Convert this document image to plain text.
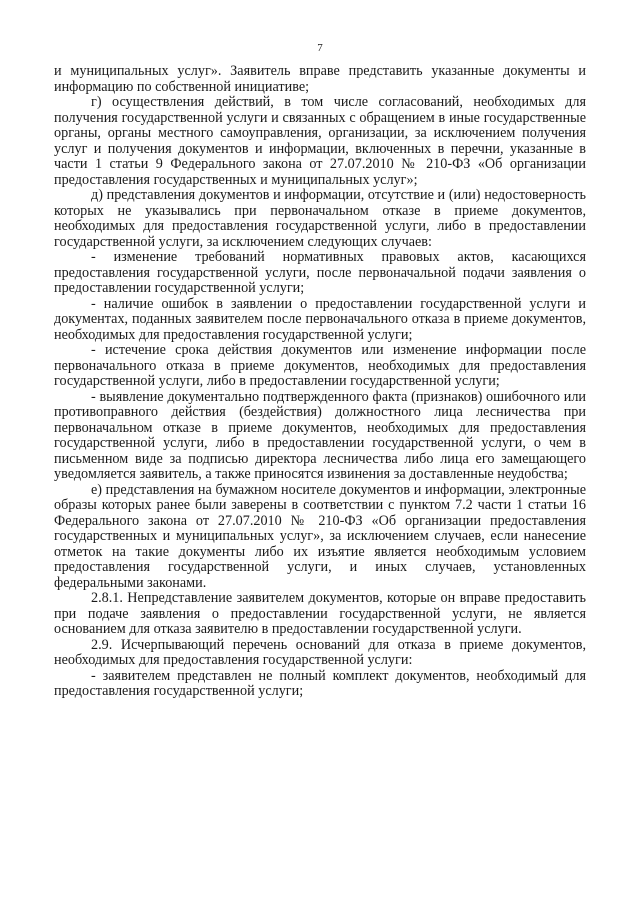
7

и муниципальных услуг». Заявитель вправе представить указанные документы и информацию по собственной инициативе;

г) осуществления действий, в том числе согласований, необходимых для получения государственной услуги и связанных с обращением в иные государственные органы, органы местного самоуправления, организации, за исключением получения услуг и получения документов и информации, включенных в перечни, указанные в части 1 статьи 9 Федерального закона от 27.07.2010 № 210-ФЗ «Об организации предоставления государственных и муниципальных услуг»;

д) представления документов и информации, отсутствие и (или) недостоверность которых не указывались при первоначальном отказе в приеме документов, необходимых для предоставления государственной услуги, либо в предоставлении государственной услуги, за исключением следующих случаев:

- изменение требований нормативных правовых актов, касающихся предоставления государственной услуги, после первоначальной подачи заявления о предоставлении государственной услуги;

- наличие ошибок в заявлении о предоставлении государственной услуги и документах, поданных заявителем после первоначального отказа в приеме документов, необходимых для предоставления государственной услуги;

- истечение срока действия документов или изменение информации после первоначального отказа в приеме документов, необходимых для предоставления государственной услуги, либо в предоставлении государственной услуги;

- выявление документально подтвержденного факта (признаков) ошибочного или противоправного действия (бездействия) должностного лица лесничества при первоначальном отказе в приеме документов, необходимых для предоставления государственной услуги, либо в предоставлении государственной услуги, о чем в письменном виде за подписью директора лесничества либо лица его замещающего уведомляется заявитель, а также приносятся извинения за доставленные неудобства;

е) представления на бумажном носителе документов и информации, электронные образы которых ранее были заверены в соответствии с пунктом 7.2 части 1 статьи 16 Федерального закона от 27.07.2010 № 210-ФЗ «Об организации предоставления государственных и муниципальных услуг», за исключением случаев, если нанесение отметок на такие документы либо их изъятие является необходимым условием предоставления государственной услуги, и иных случаев, установленных федеральными законами.

2.8.1. Непредставление заявителем документов, которые он вправе предоставить при подаче заявления о предоставлении государственной услуги, не является основанием для отказа заявителю в предоставлении государственной услуги.

2.9. Исчерпывающий перечень оснований для отказа в приеме документов, необходимых для предоставления государственной услуги:

- заявителем представлен не полный комплект документов, необходимый для предоставления государственной услуги;
